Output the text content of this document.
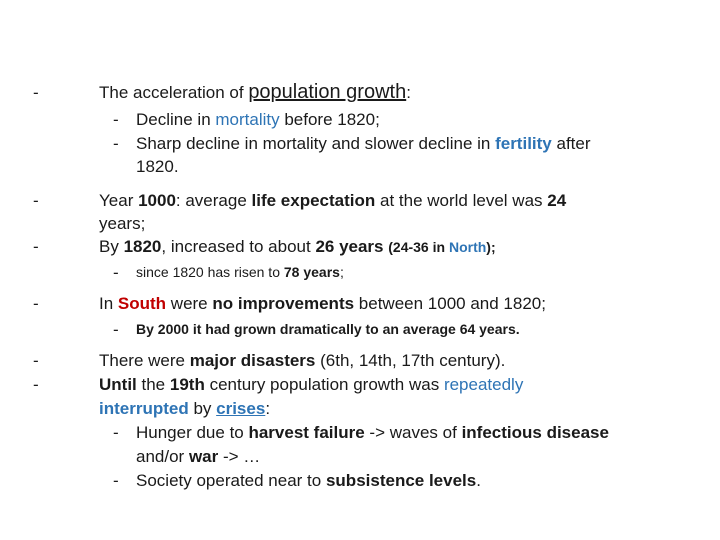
-	The acceleration of population growth:
- Decline in mortality before 1820;
- Sharp decline in mortality and slower decline in fertility after
1820.
-	Year 1000: average life expectation at the world level was 24
years;
-	By 1820, increased to about 26 years (24-36 in North);
- since 1820 has risen to 78 years;
-	In South were no improvements between 1000 and 1820;
- By 2000 it had grown dramatically to an average 64 years.
-	There were major disasters (6th, 14th, 17th century).
-	Until the 19th century population growth was repeatedly
interrupted by crises:
- Hunger due to harvest failure -> waves of infectious disease
and/or war -> …
- Society operated near to subsistence levels.
